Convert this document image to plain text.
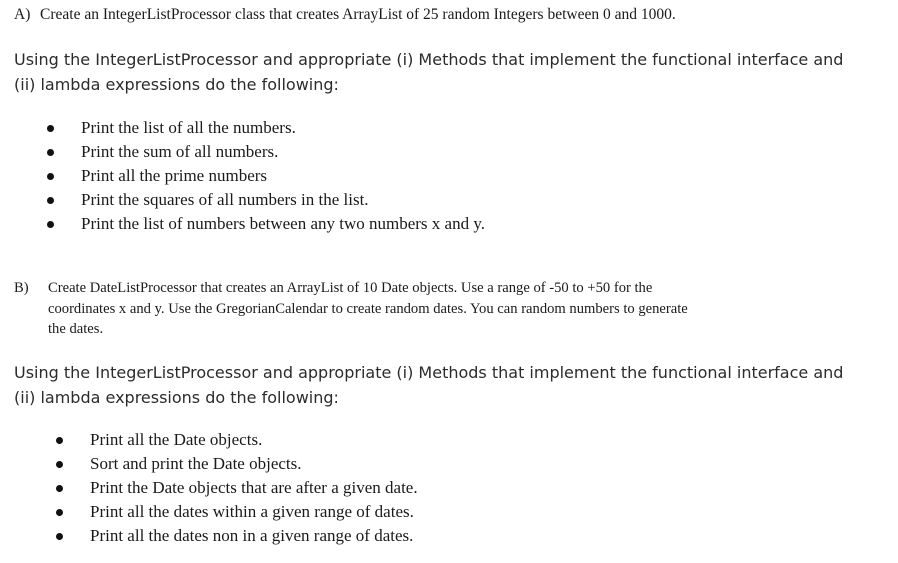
A) Create an IntegerListProcessor class that creates ArrayList of 25 random Integers between 0 and 1000.
Using the IntegerListProcessor and appropriate (i) Methods that implement the functional interface and
(ii) lambda expressions do the following:
Print the list of all the numbers.
Print the sum of all numbers.
Print all the prime numbers
Print the squares of all numbers in the list.
Print the list of numbers between any two numbers x and y.
B) Create DateListProcessor that creates an ArrayList of 10 Date objects. Use a range of -50 to +50 for the
coordinates x and y. Use the GregorianCalendar to create random dates. You can random numbers to generate
the dates.
Using the IntegerListProcessor and appropriate (i) Methods that implement the functional interface and
(ii) lambda expressions do the following:
Print all the Date objects.
Sort and print the Date objects.
Print the Date objects that are after a given date.
Print all the dates within a given range of dates.
Print all the dates non in a given range of dates.
